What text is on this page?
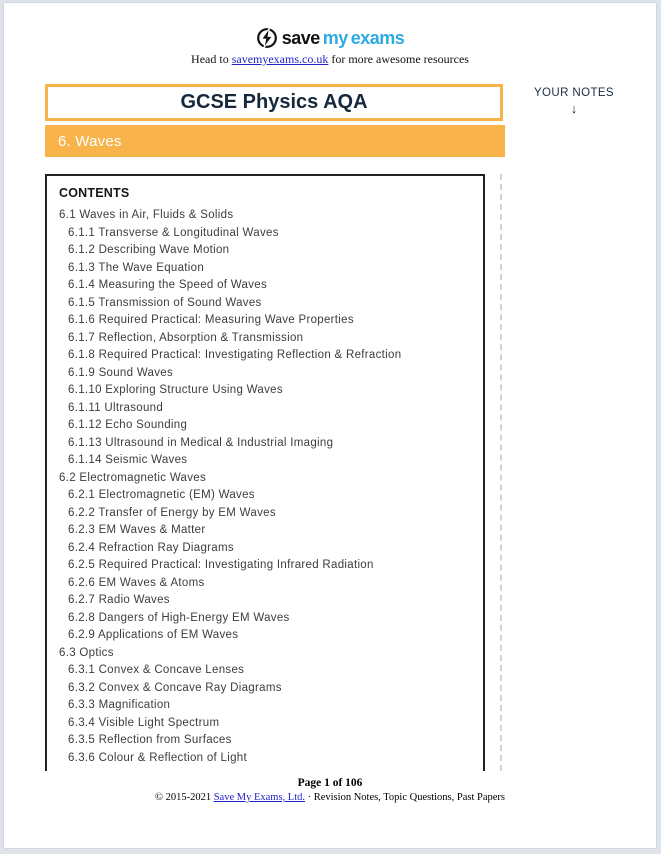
save my exams
Head to savemyexams.co.uk for more awesome resources
GCSE Physics AQA
6. Waves
YOUR NOTES
↓
CONTENTS
6.1 Waves in Air, Fluids & Solids
6.1.1 Transverse & Longitudinal Waves
6.1.2 Describing Wave Motion
6.1.3 The Wave Equation
6.1.4 Measuring the Speed of Waves
6.1.5 Transmission of Sound Waves
6.1.6 Required Practical: Measuring Wave Properties
6.1.7 Reflection, Absorption & Transmission
6.1.8 Required Practical: Investigating Reflection & Refraction
6.1.9 Sound Waves
6.1.10 Exploring Structure Using Waves
6.1.11 Ultrasound
6.1.12 Echo Sounding
6.1.13 Ultrasound in Medical & Industrial Imaging
6.1.14 Seismic Waves
6.2 Electromagnetic Waves
6.2.1 Electromagnetic (EM) Waves
6.2.2 Transfer of Energy by EM Waves
6.2.3 EM Waves & Matter
6.2.4 Refraction Ray Diagrams
6.2.5 Required Practical: Investigating Infrared Radiation
6.2.6 EM Waves & Atoms
6.2.7 Radio Waves
6.2.8 Dangers of High-Energy EM Waves
6.2.9 Applications of EM Waves
6.3 Optics
6.3.1 Convex & Concave Lenses
6.3.2 Convex & Concave Ray Diagrams
6.3.3 Magnification
6.3.4 Visible Light Spectrum
6.3.5 Reflection from Surfaces
6.3.6 Colour & Reflection of Light
Page 1 of 106
© 2015-2021 Save My Exams, Ltd. · Revision Notes, Topic Questions, Past Papers
